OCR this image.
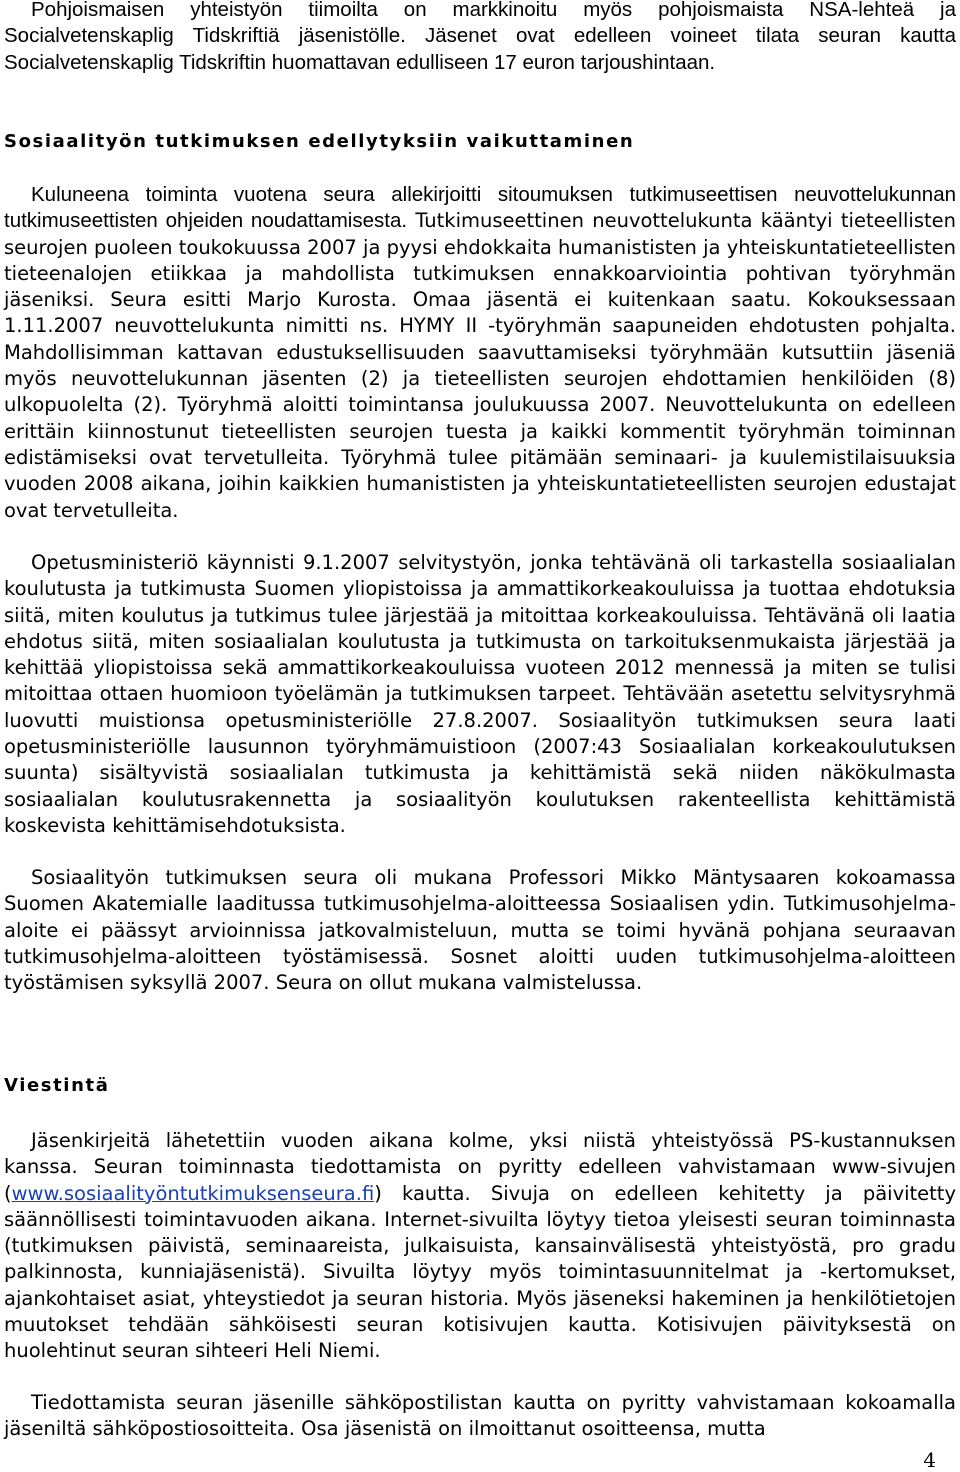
Pohjoismaisen yhteistyön tiimoilta on markkinoitu myös pohjoismaista NSA-lehteä ja Socialvetenskaplig Tidskriftiä jäsenistölle. Jäsenet ovat edelleen voineet tilata seuran kautta Socialvetenskaplig Tidskriftin huomattavan edulliseen 17 euron tarjoushintaan.

Sosiaalityön tutkimuksen edellytyksiin vaikuttaminen

Kuluneena toiminta vuotena seura allekirjoitti sitoumuksen tutkimuseettisen neuvottelukunnan tutkimuseettisten ohjeiden noudattamisesta. Tutkimuseettinen neuvottelukunta kääntyi tieteellisten seurojen puoleen toukokuussa 2007 ja pyysi ehdokkaita humanististen ja yhteiskuntatieteellisten tieteenalojen etiikkaa ja mahdollista tutkimuksen ennakkoarviointia pohtivan työryhmän jäseniksi. Seura esitti Marjo Kurosta. Omaa jäsentä ei kuitenkaan saatu. Kokouksessaan 1.11.2007 neuvottelukunta nimitti ns. HYMY II -työryhmän saapuneiden ehdotusten pohjalta. Mahdollisimman kattavan edustuksellisuuden saavuttamiseksi työryhmään kutsuttiin jäseniä myös neuvottelukunnan jäsenten (2) ja tieteellisten seurojen ehdottamien henkilöiden (8) ulkopuolelta (2). Työryhmä aloitti toimintansa joulukuussa 2007. Neuvottelukunta on edelleen erittäin kiinnostunut tieteellisten seurojen tuesta ja kaikki kommentit työryhmän toiminnan edistämiseksi ovat tervetulleita. Työryhmä tulee pitämään seminaari- ja kuulemistilaisuuksia vuoden 2008 aikana, joihin kaikkien humanististen ja yhteiskuntatieteellisten seurojen edustajat ovat tervetulleita.

Opetusministeriö käynnisti 9.1.2007 selvitystyön, jonka tehtävänä oli tarkastella sosiaalialan koulutusta ja tutkimusta Suomen yliopistoissa ja ammattikorkeakouluissa ja tuottaa ehdotuksia siitä, miten koulutus ja tutkimus tulee järjestää ja mitoittaa korkeakouluissa. Tehtävänä oli laatia ehdotus siitä, miten sosiaalialan koulutusta ja tutkimusta on tarkoituksenmukaista järjestää ja kehittää yliopistoissa sekä ammattikorkeakouluissa vuoteen 2012 mennessä ja miten se tulisi mitoittaa ottaen huomioon työelämän ja tutkimuksen tarpeet. Tehtävään asetettu selvitysryhmä luovutti muistionsa opetusministeriölle 27.8.2007. Sosiaalityön tutkimuksen seura laati opetusministeriölle lausunnon työryhmämuistioon (2007:43 Sosiaalialan korkeakoulutuksen suunta) sisältyvistä sosiaalialan tutkimusta ja kehittämistä sekä niiden näkökulmasta sosiaalialan koulutusrakennetta ja sosiaalityön koulutuksen rakenteellista kehittämistä koskevista kehittämisehdotuksista.

Sosiaalityön tutkimuksen seura oli mukana Professori Mikko Mäntysaaren kokoamassa Suomen Akatemialle laaditussa tutkimusohjelma-aloitteessa Sosiaalisen ydin. Tutkimusohjelma-aloite ei päässyt arvioinnissa jatkovalmisteluun, mutta se toimi hyvänä pohjana seuraavan tutkimusohjelma-aloitteen työstämisessä. Sosnet aloitti uuden tutkimusohjelma-aloitteen työstämisen syksyllä 2007. Seura on ollut mukana valmistelussa.

Viestintä

Jäsenkirjeitä lähetettiin vuoden aikana kolme, yksi niistä yhteistyössä PS-kustannuksen kanssa. Seuran toiminnasta tiedottamista on pyritty edelleen vahvistamaan www-sivujen (www.sosiaalityöntutkimuksenseura.fi) kautta. Sivuja on edelleen kehitetty ja päivitetty säännöllisesti toimintavuoden aikana. Internet-sivuilta löytyy tietoa yleisesti seuran toiminnasta (tutkimuksen päivistä, seminaareista, julkaisuista, kansainvälisestä yhteistyöstä, pro gradu palkinnosta, kunniajäsenistä). Sivuilta löytyy myös toimintasuunnitelmat ja -kertomukset, ajankohtaiset asiat, yhteystiedot ja seuran historia. Myös jäseneksi hakeminen ja henkilötietojen muutokset tehdään sähköisesti seuran kotisivujen kautta. Kotisivujen päivityksestä on huolehtinut seuran sihteeri Heli Niemi.

Tiedottamista seuran jäsenille sähköpostilistan kautta on pyritty vahvistamaan kokoamalla jäseniltä sähköpostiosoitteita. Osa jäsenistä on ilmoittanut osoitteensa, mutta

4
